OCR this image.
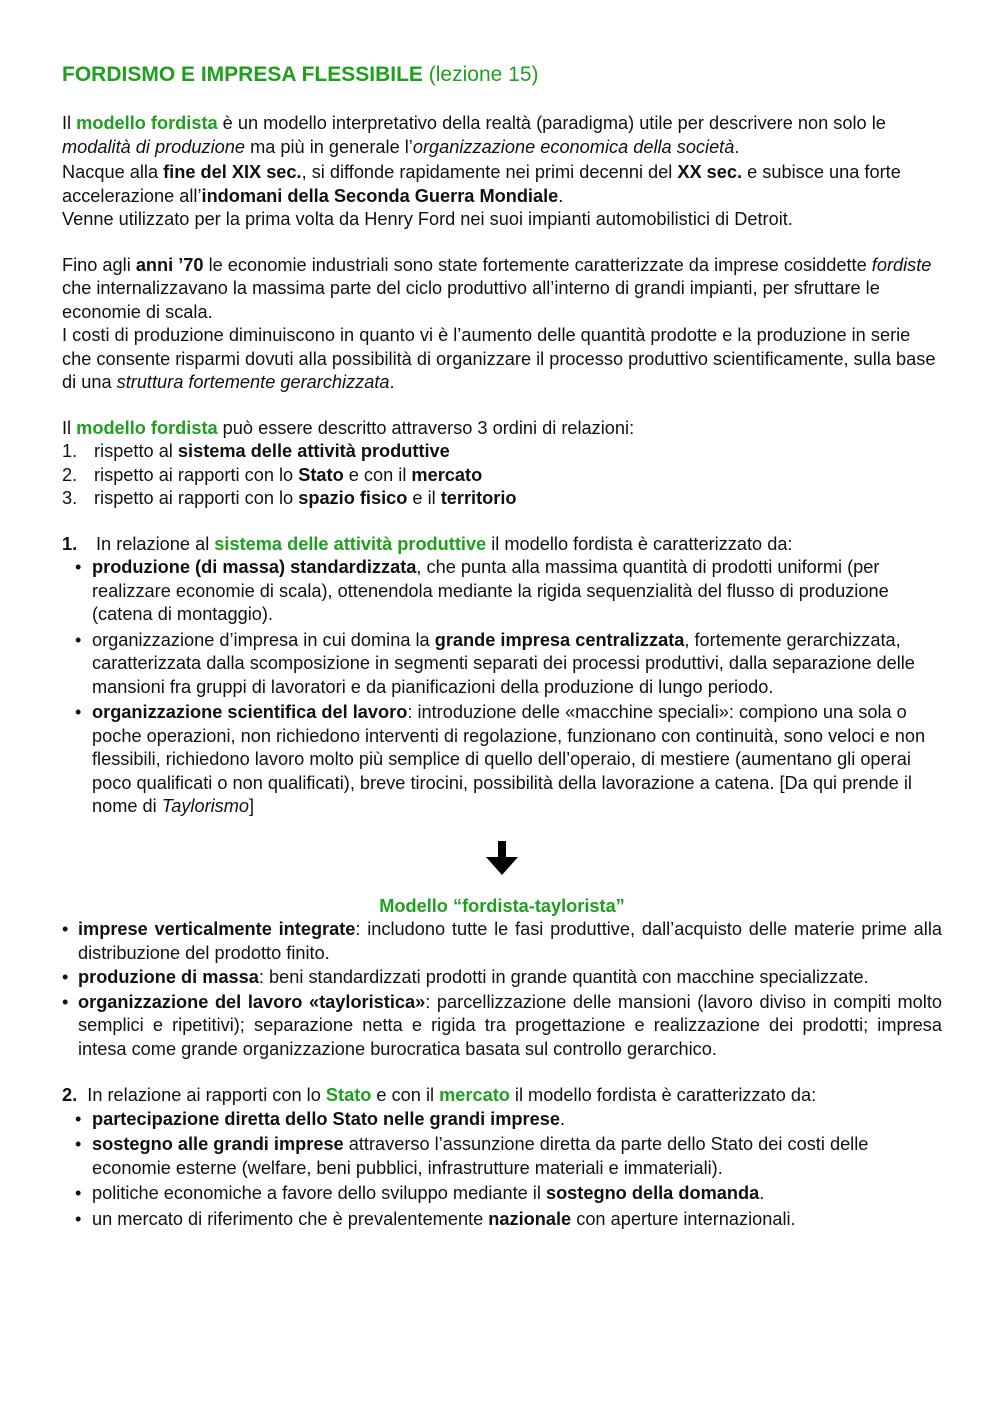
FORDISMO E IMPRESA FLESSIBILE (lezione 15)

Il modello fordista è un modello interpretativo della realtà (paradigma) utile per descrivere non solo le modalità di produzione ma più in generale l’organizzazione economica della società.

Nacque alla fine del XIX sec., si diffonde rapidamente nei primi decenni del XX sec. e subisce una forte accelerazione all’indomani della Seconda Guerra Mondiale.

Venne utilizzato per la prima volta da Henry Ford nei suoi impianti automobilistici di Detroit.

Fino agli anni ’70 le economie industriali sono state fortemente caratterizzate da imprese cosiddette fordiste che internalizzavano la massima parte del ciclo produttivo all’interno di grandi impianti, per sfruttare le economie di scala.

I costi di produzione diminuiscono in quanto vi è l’aumento delle quantità prodotte e la produzione in serie che consente risparmi dovuti alla possibilità di organizzare il processo produttivo scientificamente, sulla base di una struttura fortemente gerarchizzata.

Il modello fordista può essere descritto attraverso 3 ordini di relazioni:

1. rispetto al sistema delle attività produttive
2. rispetto ai rapporti con lo Stato e con il mercato
3. rispetto ai rapporti con lo spazio fisico e il territorio

1.	In relazione al sistema delle attività produttive il modello fordista è caratterizzato da:

• produzione (di massa) standardizzata, che punta alla massima quantità di prodotti uniformi (per realizzare economie di scala), ottenendola mediante la rigida sequenzialità del flusso di produzione (catena di montaggio).
• organizzazione d’impresa in cui domina la grande impresa centralizzata, fortemente gerarchizzata, caratterizzata dalla scomposizione in segmenti separati dei processi produttivi, dalla separazione delle mansioni fra gruppi di lavoratori e da pianificazioni della produzione di lungo periodo.
• organizzazione scientifica del lavoro: introduzione delle «macchine speciali»: compiono una sola o poche operazioni, non richiedono interventi di regolazione, funzionano con continuità, sono veloci e non flessibili, richiedono lavoro molto più semplice di quello dell’operaio, di mestiere (aumentano gli operai poco qualificati o non qualificati), breve tirocini, possibilità della lavorazione a catena. [Da qui prende il nome di Taylorismo]

Modello “fordista-taylorista”

• imprese verticalmente integrate: includono tutte le fasi produttive, dall’acquisto delle materie prime alla distribuzione del prodotto finito.
• produzione di massa: beni standardizzati prodotti in grande quantità con macchine specializzate.
• organizzazione del lavoro «tayloristica»: parcellizzazione delle mansioni (lavoro diviso in compiti molto semplici e ripetitivi); separazione netta e rigida tra progettazione e realizzazione dei prodotti; impresa intesa come grande organizzazione burocratica basata sul controllo gerarchico.

2. In relazione ai rapporti con lo Stato e con il mercato il modello fordista è caratterizzato da:

• partecipazione diretta dello Stato nelle grandi imprese.
• sostegno alle grandi imprese attraverso l’assunzione diretta da parte dello Stato dei costi delle economie esterne (welfare, beni pubblici, infrastrutture materiali e immateriali).
• politiche economiche a favore dello sviluppo mediante il sostegno della domanda.
• un mercato di riferimento che è prevalentemente nazionale con aperture internazionali.
